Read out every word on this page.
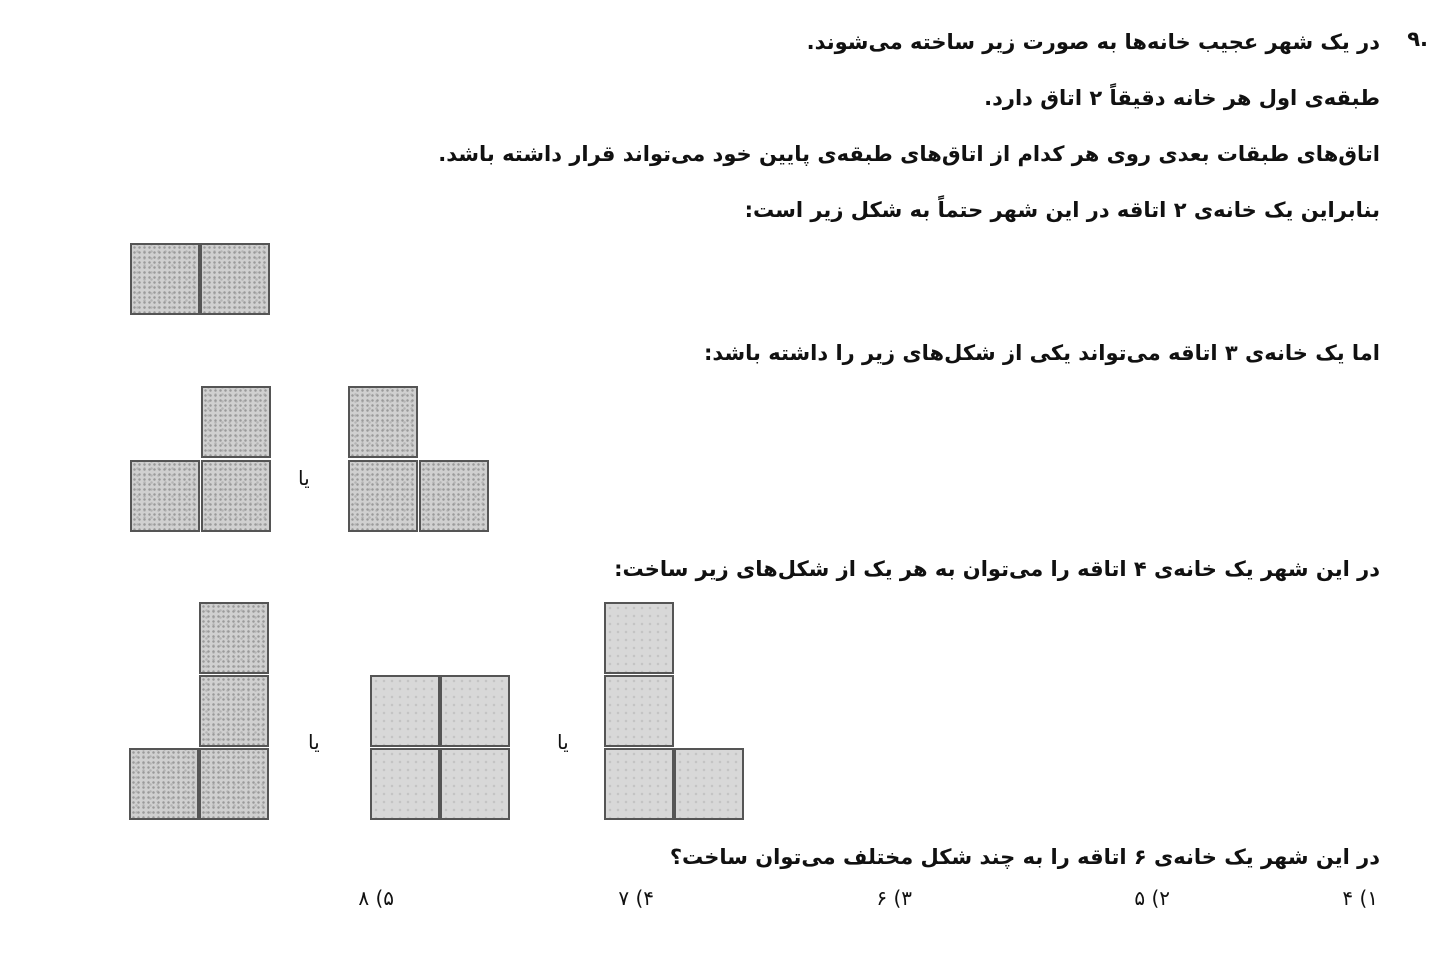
.۹
در یک شهر عجیب خانه‌ها به صورت زیر ساخته می‌شوند.
طبقه‌ی اول هر خانه دقیقاً ۲ اتاق دارد.
اتاق‌های طبقات بعدی روی هر کدام از اتاق‌های طبقه‌ی پایین خود می‌تواند قرار داشته باشد.
بنابراین یک خانه‌ی ۲ اتاقه در این شهر حتماً به شکل زیر است:
اما یک خانه‌ی ۳ اتاقه می‌تواند یکی از شکل‌های زیر را داشته باشد:
یا
در این شهر یک خانه‌ی ۴ اتاقه را می‌توان به هر یک از شکل‌های زیر ساخت:
یا	یا
در این شهر یک خانه‌ی ۶ اتاقه را به چند شکل مختلف می‌توان ساخت؟
۱) ۴
۲) ۵
۳) ۶
۴) ۷
۵) ۸
